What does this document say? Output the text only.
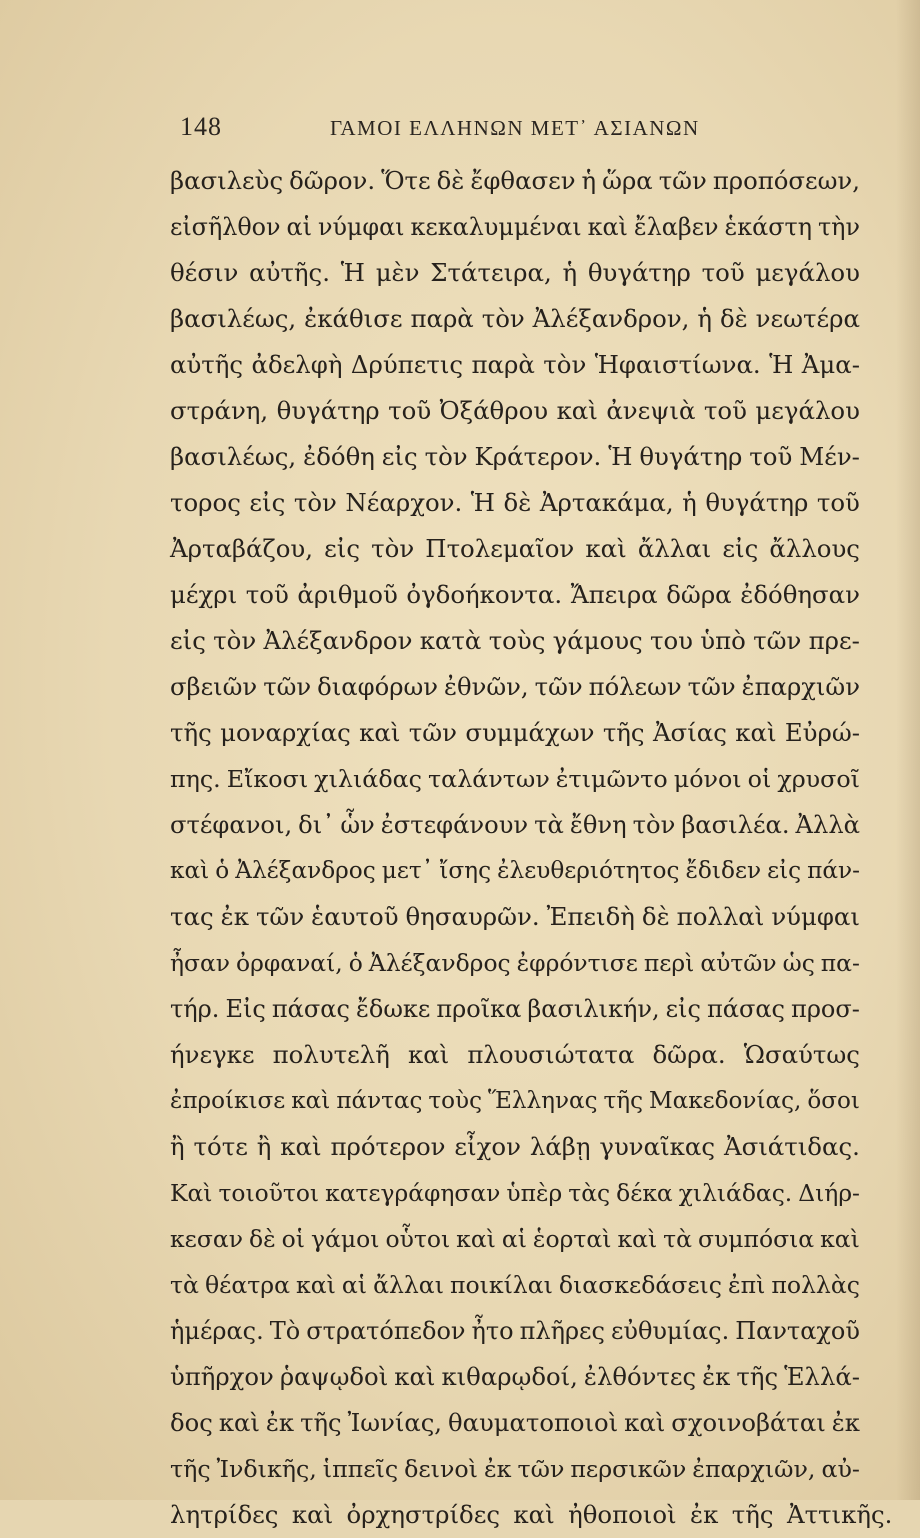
148	ΓΑΜΟΙ ΕΛΛΗΝΩΝ ΜΕΤ᾽ ΑΣΙΑΝΩΝ
βασιλεὺς δῶρον. Ὅτε δὲ ἔφθασεν ἡ ὥρα τῶν προπόσεων,
εἰσῆλθον αἱ νύμφαι κεκαλυμμέναι καὶ ἔλαβεν ἑκάστη τὴν
θέσιν αὐτῆς. Ἡ μὲν Στάτειρα, ἡ θυγάτηρ τοῦ μεγάλου
βασιλέως, ἐκάθισε παρὰ τὸν Ἀλέξανδρον, ἡ δὲ νεωτέρα
αὐτῆς ἀδελφὴ Δρύπετις παρὰ τὸν Ἡφαιστίωνα. Ἡ Ἀμα-
στράνη, θυγάτηρ τοῦ Ὀξάθρου καὶ ἀνεψιὰ τοῦ μεγάλου
βασιλέως, ἐδόθη εἰς τὸν Κράτερον. Ἡ θυγάτηρ τοῦ Μέν-
τορος εἰς τὸν Νέαρχον. Ἡ δὲ Ἀρτακάμα, ἡ θυγάτηρ τοῦ
Ἀρταβάζου, εἰς τὸν Πτολεμαῖον καὶ ἄλλαι εἰς ἄλλους
μέχρι τοῦ ἀριθμοῦ ὀγδοήκοντα. Ἄπειρα δῶρα ἐδόθησαν
εἰς τὸν Ἀλέξανδρον κατὰ τοὺς γάμους του ὑπὸ τῶν πρε-
σβειῶν τῶν διαφόρων ἐθνῶν, τῶν πόλεων τῶν ἐπαρχιῶν
τῆς μοναρχίας καὶ τῶν συμμάχων τῆς Ἀσίας καὶ Εὐρώ-
πης. Εἴκοσι χιλιάδας ταλάντων ἐτιμῶντο μόνοι οἱ χρυσοῖ
στέφανοι, δι᾽ ὧν ἐστεφάνουν τὰ ἔθνη τὸν βασιλέα. Ἀλλὰ
καὶ ὁ Ἀλέξανδρος μετ᾽ ἴσης ἐλευθεριότητος ἔδιδεν εἰς πάν-
τας ἐκ τῶν ἑαυτοῦ θησαυρῶν. Ἐπειδὴ δὲ πολλαὶ νύμφαι
ἦσαν ὀρφαναί, ὁ Ἀλέξανδρος ἐφρόντισε περὶ αὐτῶν ὡς πα-
τήρ. Εἰς πάσας ἔδωκε προῖκα βασιλικήν, εἰς πάσας προσ-
ήνεγκε πολυτελῆ καὶ πλουσιώτατα δῶρα. Ὡσαύτως
ἐπροίκισε καὶ πάντας τοὺς Ἕλληνας τῆς Μακεδονίας, ὅσοι
ἢ τότε ἢ καὶ πρότερον εἶχον λάβῃ γυναῖκας Ἀσιάτιδας.
Καὶ τοιοῦτοι κατεγράφησαν ὑπὲρ τὰς δέκα χιλιάδας. Διήρ-
κεσαν δὲ οἱ γάμοι οὗτοι καὶ αἱ ἑορταὶ καὶ τὰ συμπόσια καὶ
τὰ θέατρα καὶ αἱ ἄλλαι ποικίλαι διασκεδάσεις ἐπὶ πολλὰς
ἡμέρας. Τὸ στρατόπεδον ἦτο πλῆρες εὐθυμίας. Πανταχοῦ
ὑπῆρχον ῥαψῳδοὶ καὶ κιθαρῳδοί, ἐλθόντες ἐκ τῆς Ἑλλά-
δος καὶ ἐκ τῆς Ἰωνίας, θαυματοποιοὶ καὶ σχοινοβάται ἐκ
τῆς Ἰνδικῆς, ἱππεῖς δεινοὶ ἐκ τῶν περσικῶν ἐπαρχιῶν, αὐ-
λητρίδες καὶ ὀρχηστρίδες καὶ ἠθοποιοὶ ἐκ τῆς Ἀττικῆς.
